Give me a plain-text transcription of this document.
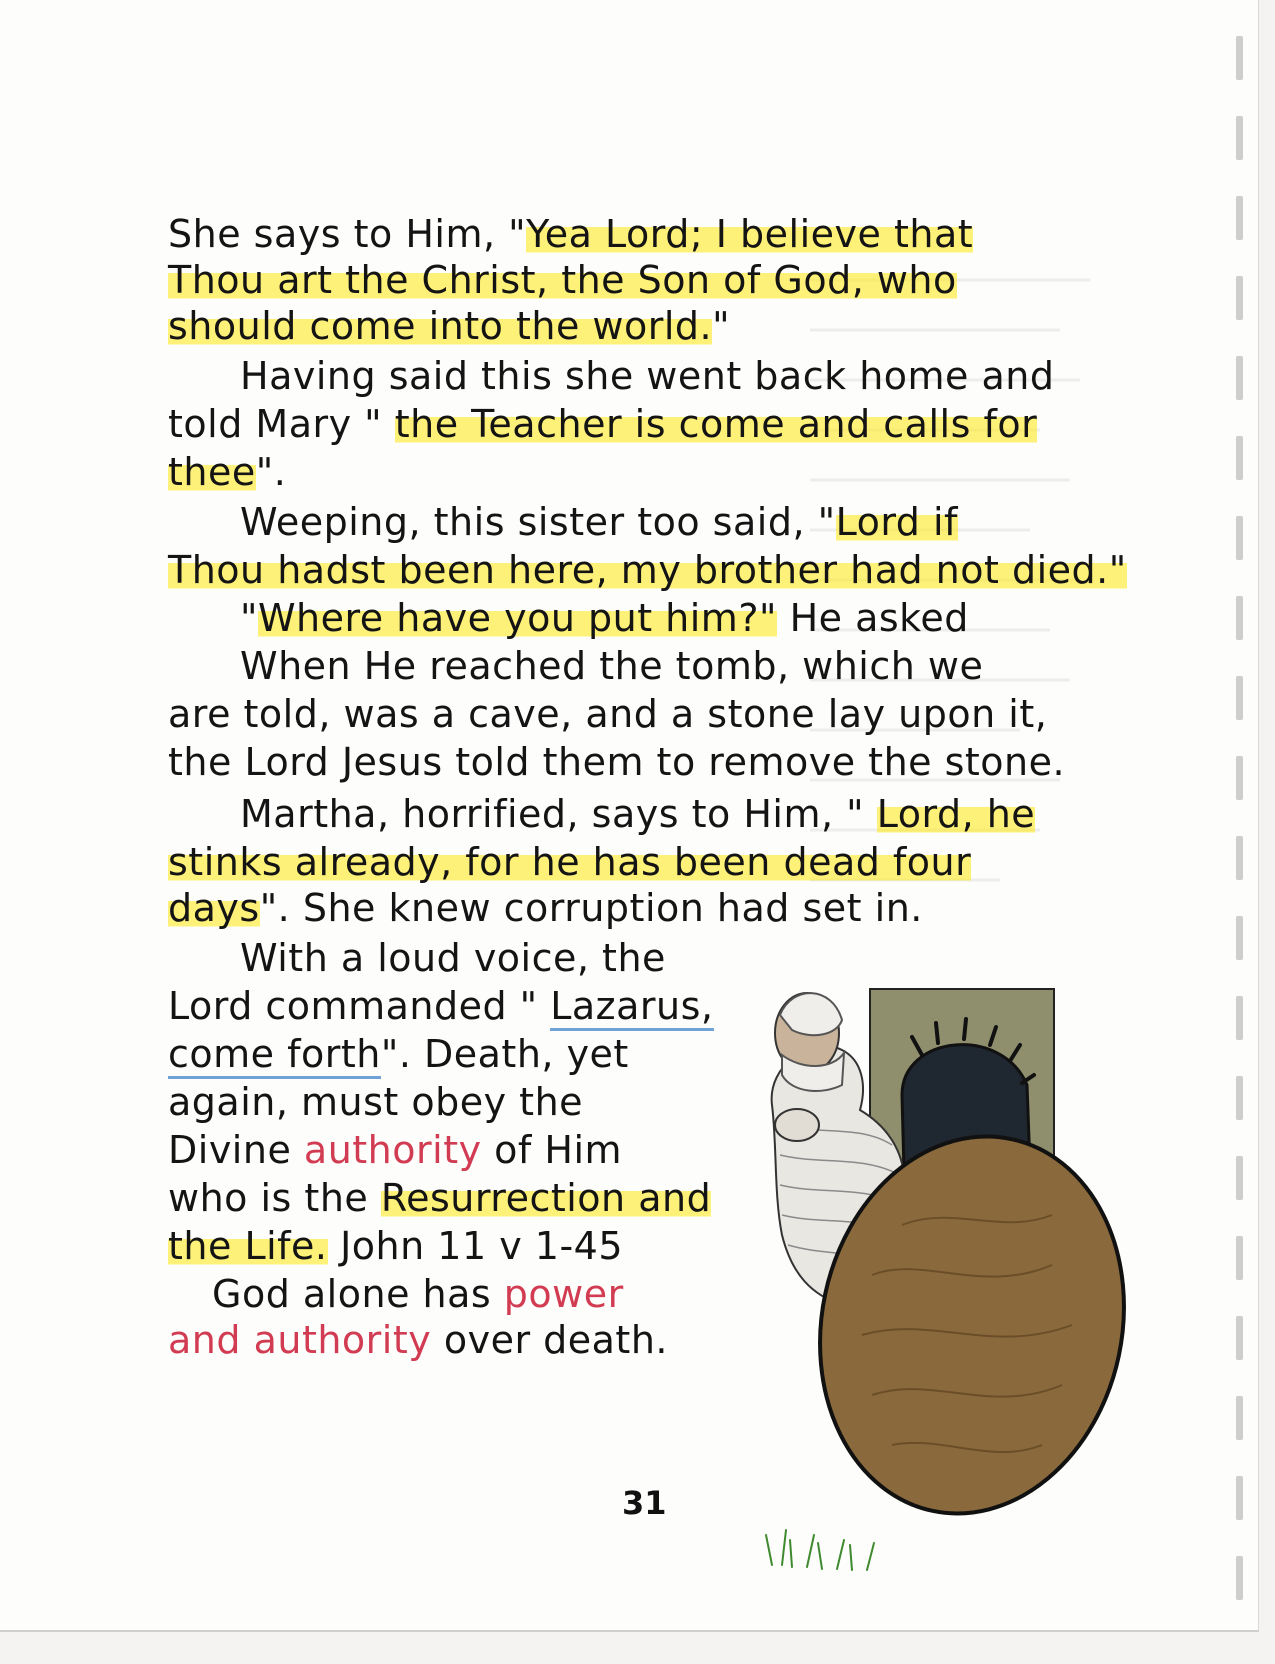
She says to Him, "Yea Lord; I believe that

Thou art the Christ, the Son of God, who

should come into the world."

Having said this she went back home and

told Mary " the Teacher is come and calls for

thee".

Weeping, this sister too said, "Lord if

Thou hadst been here, my brother had not died."

"Where have you put him?" He asked

When He reached the tomb, which we

are told, was a cave, and a stone lay upon it,

the Lord Jesus told them to remove the stone.

Martha, horrified, says to Him, " Lord, he

stinks already, for he has been dead four

days". She knew corruption had set in.

With a loud voice, the

Lord commanded " Lazarus,

come forth". Death, yet

again, must obey the

Divine authority of Him

who is the Resurrection and

the Life. John 11 v 1-45

God alone has power

and authority over death.

31
